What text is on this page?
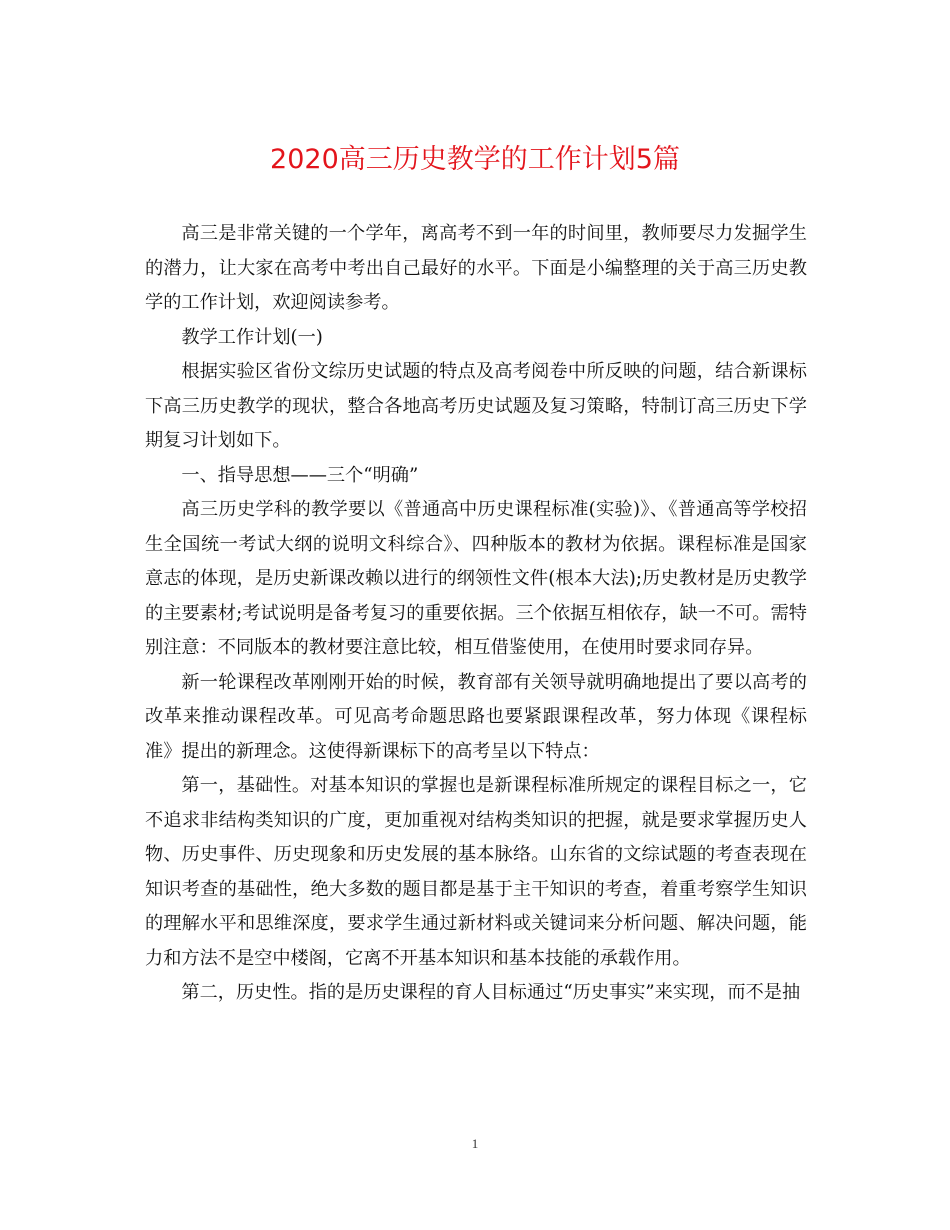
2020高三历史教学的工作计划5篇

高三是非常关键的一个学年，离高考不到一年的时间里，教师要尽力发掘学生的潜力，让大家在高考中考出自己最好的水平。下面是小编整理的关于高三历史教学的工作计划，欢迎阅读参考。

教学工作计划(一)

根据实验区省份文综历史试题的特点及高考阅卷中所反映的问题，结合新课标下高三历史教学的现状，整合各地高考历史试题及复习策略，特制订高三历史下学期复习计划如下。

一、指导思想——三个“明确”

高三历史学科的教学要以《普通高中历史课程标准(实验)》、《普通高等学校招生全国统一考试大纲的说明文科综合》、四种版本的教材为依据。课程标准是国家意志的体现，是历史新课改赖以进行的纲领性文件(根本大法);历史教材是历史教学的主要素材;考试说明是备考复习的重要依据。三个依据互相依存，缺一不可。需特别注意：不同版本的教材要注意比较，相互借鉴使用，在使用时要求同存异。

新一轮课程改革刚刚开始的时候，教育部有关领导就明确地提出了要以高考的改革来推动课程改革。可见高考命题思路也要紧跟课程改革，努力体现《课程标准》提出的新理念。这使得新课标下的高考呈以下特点：

第一，基础性。对基本知识的掌握也是新课程标准所规定的课程目标之一，它不追求非结构类知识的广度，更加重视对结构类知识的把握，就是要求掌握历史人物、历史事件、历史现象和历史发展的基本脉络。山东省的文综试题的考查表现在知识考查的基础性，绝大多数的题目都是基于主干知识的考查，着重考察学生知识的理解水平和思维深度，要求学生通过新材料或关键词来分析问题、解决问题，能力和方法不是空中楼阁，它离不开基本知识和基本技能的承载作用。

第二，历史性。指的是历史课程的育人目标通过“历史事实”来实现，而不是抽

1
